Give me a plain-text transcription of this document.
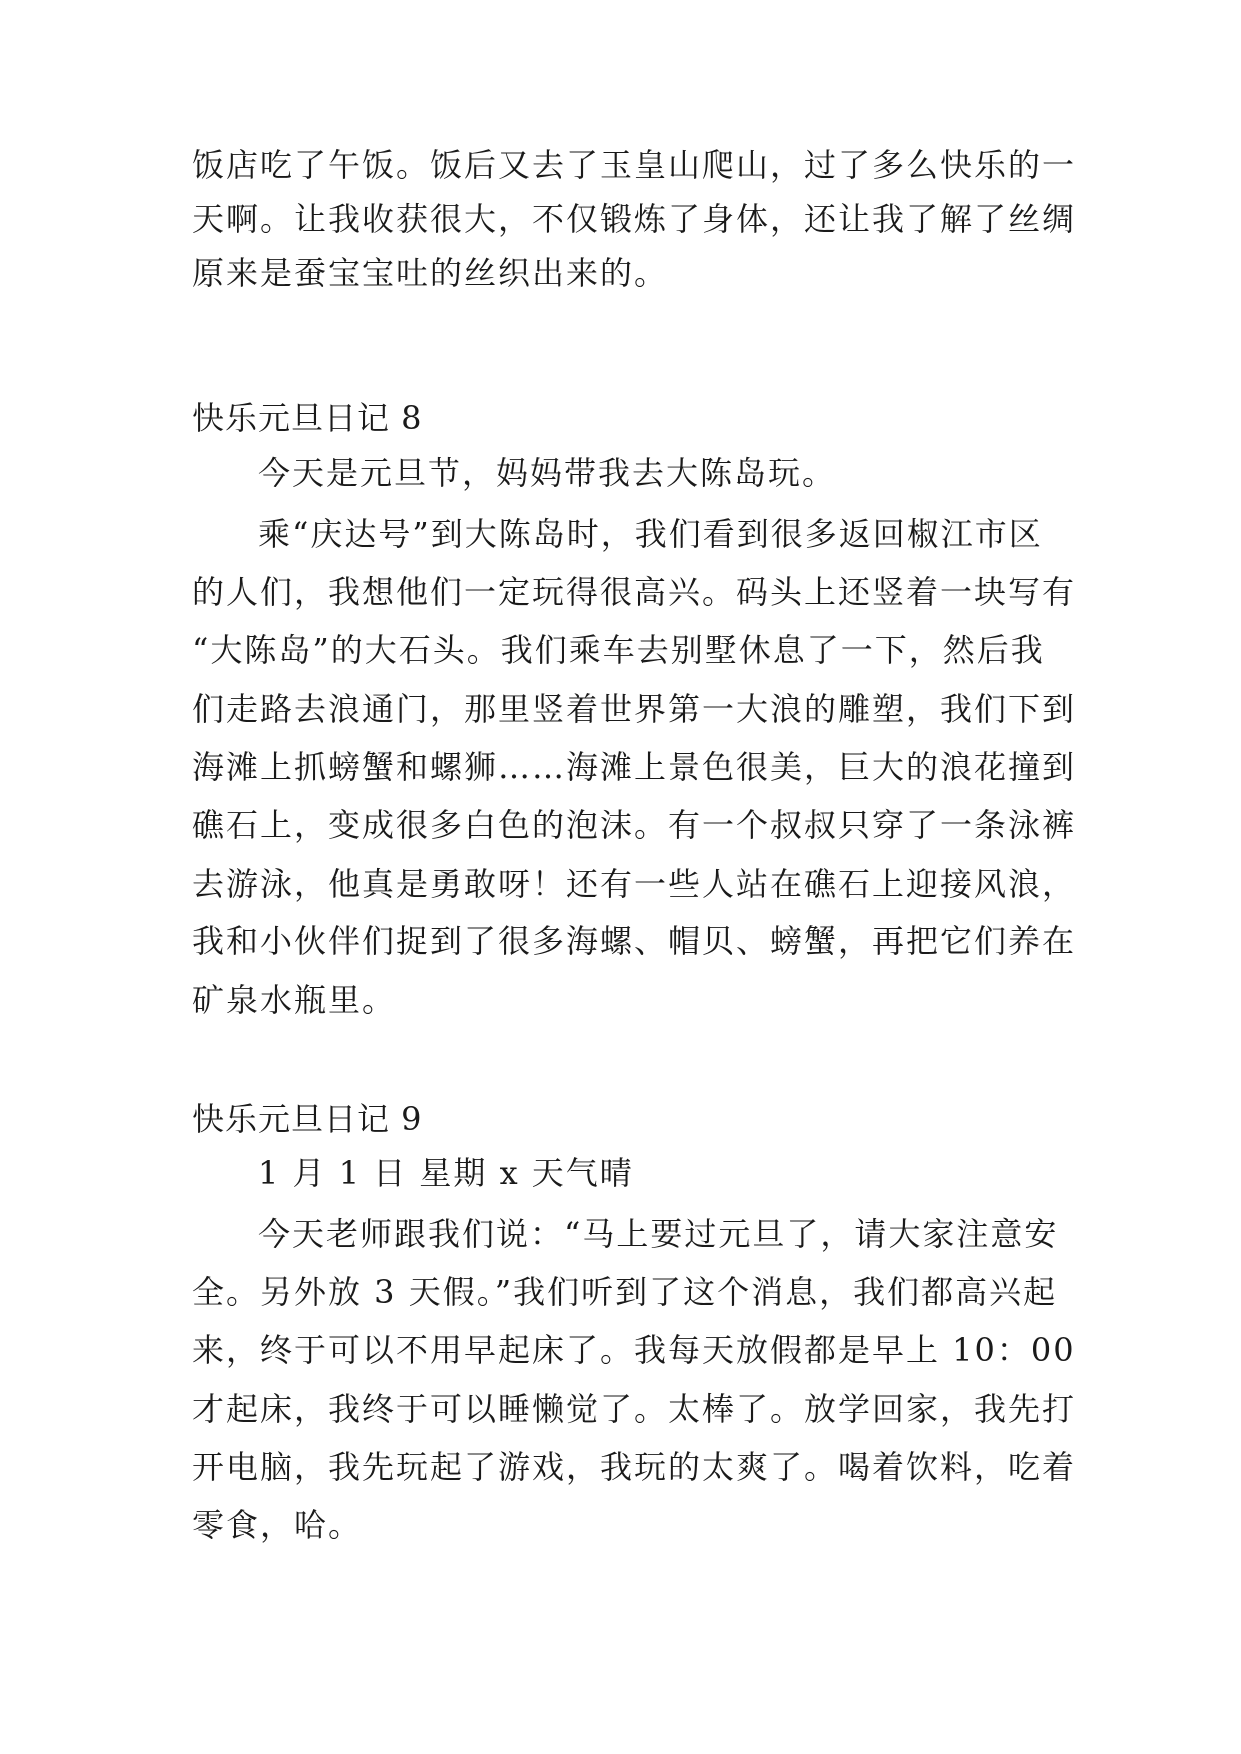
饭店吃了午饭。饭后又去了玉皇山爬山，过了多么快乐的一
天啊。让我收获很大，不仅锻炼了身体，还让我了解了丝绸
原来是蚕宝宝吐的丝织出来的。
快乐元旦日记 8
今天是元旦节，妈妈带我去大陈岛玩。
乘“庆达号”到大陈岛时，我们看到很多返回椒江市区
的人们，我想他们一定玩得很高兴。码头上还竖着一块写有
“大陈岛”的大石头。我们乘车去别墅休息了一下，然后我
们走路去浪通门，那里竖着世界第一大浪的雕塑，我们下到
海滩上抓螃蟹和螺狮……海滩上景色很美，巨大的浪花撞到
礁石上，变成很多白色的泡沫。有一个叔叔只穿了一条泳裤
去游泳，他真是勇敢呀！还有一些人站在礁石上迎接风浪，
我和小伙伴们捉到了很多海螺、帽贝、螃蟹，再把它们养在
矿泉水瓶里。
快乐元旦日记 9
1 月 1 日 星期 x 天气晴
今天老师跟我们说：“马上要过元旦了，请大家注意安
全。另外放 3 天假。”我们听到了这个消息，我们都高兴起
来，终于可以不用早起床了。我每天放假都是早上 10：00
才起床，我终于可以睡懒觉了。太棒了。放学回家，我先打
开电脑，我先玩起了游戏，我玩的太爽了。喝着饮料，吃着
零食，哈。
